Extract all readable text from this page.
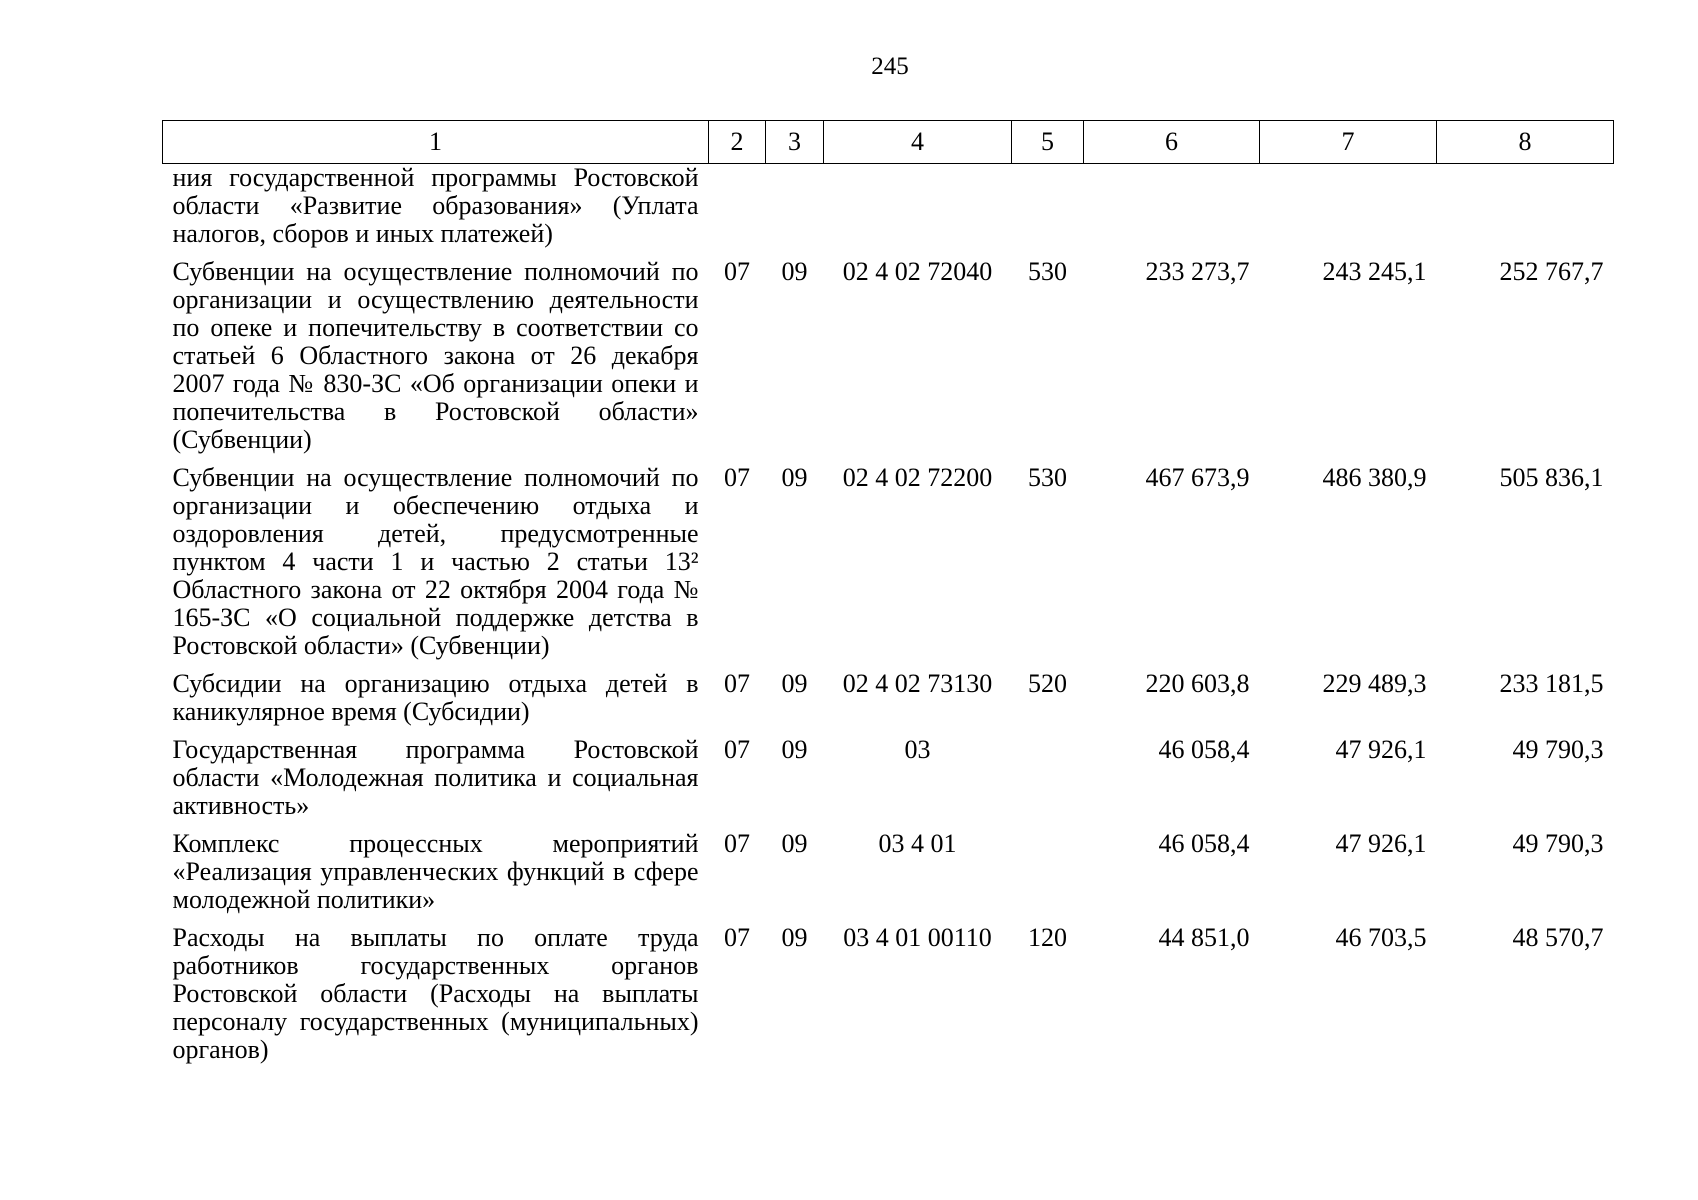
245
1	2	3	4	5	6	7	8
ния государственной программы Ростовской области «Развитие образования» (Уплата налогов, сборов и иных платежей)							
Субвенции на осуществление полномочий по организации и осуществлению деятельности по опеке и попечительству в соответствии со статьей 6 Областного закона от 26 декабря 2007 года № 830-ЗС «Об организации опеки и попечительства в Ростовской области» (Субвенции)	07	09	02 4 02 72040	530	233 273,7	243 245,1	252 767,7
Субвенции на осуществление полномочий по организации и обеспечению отдыха и оздоровления детей, предусмотренные пунктом 4 части 1 и частью 2 статьи 13² Областного закона от 22 октября 2004 года № 165-ЗС «О социальной поддержке детства в Ростовской области» (Субвенции)	07	09	02 4 02 72200	530	467 673,9	486 380,9	505 836,1
Субсидии на организацию отдыха детей в каникулярное время (Субсидии)	07	09	02 4 02 73130	520	220 603,8	229 489,3	233 181,5
Государственная программа Ростовской области «Молодежная политика и социальная активность»	07	09	03		46 058,4	47 926,1	49 790,3
Комплекс процессных мероприятий «Реализация управленческих функций в сфере молодежной политики»	07	09	03 4 01		46 058,4	47 926,1	49 790,3
Расходы на выплаты по оплате труда работников государственных органов Ростовской области (Расходы на выплаты персоналу государственных (муниципальных) органов)	07	09	03 4 01 00110	120	44 851,0	46 703,5	48 570,7
